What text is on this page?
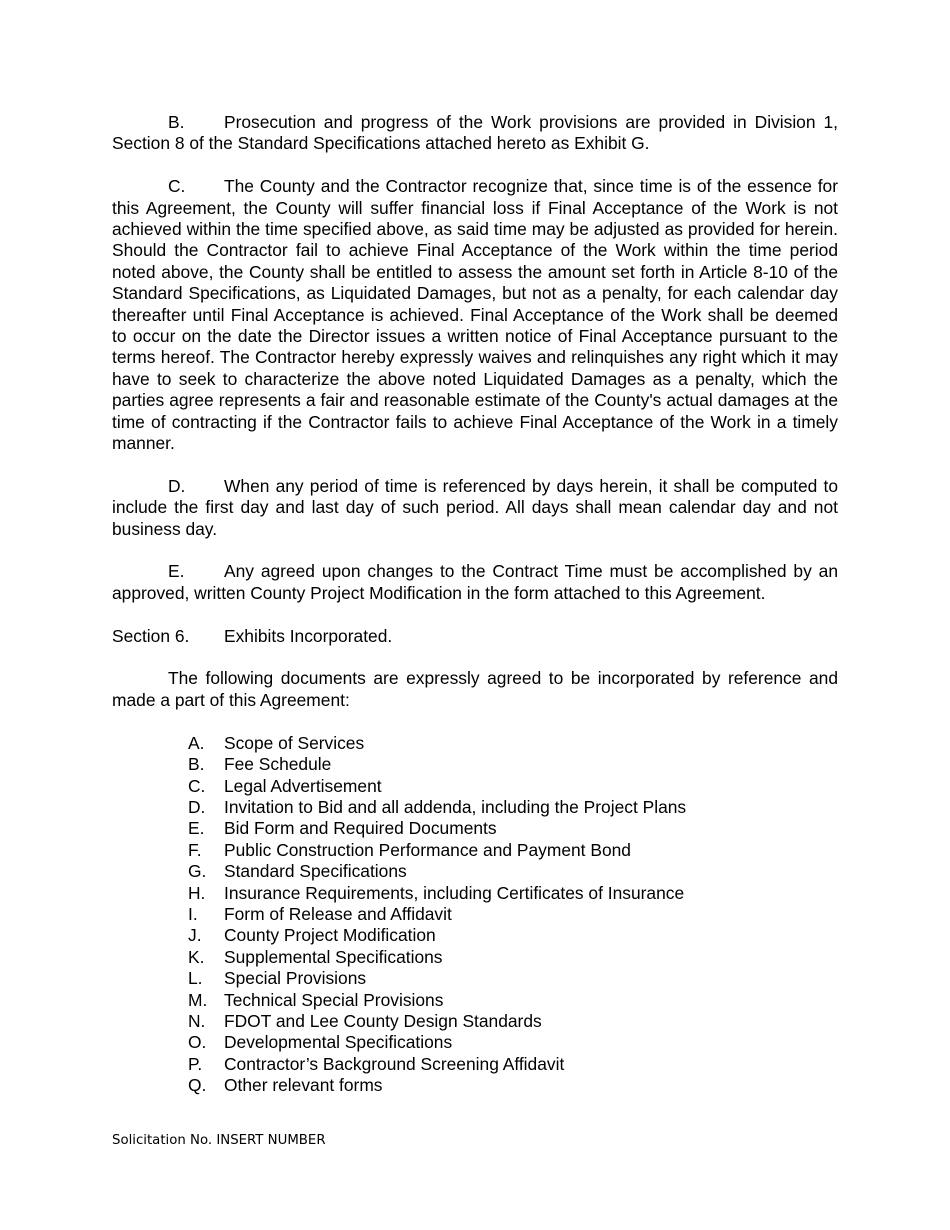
B. Prosecution and progress of the Work provisions are provided in Division 1, Section 8 of the Standard Specifications attached hereto as Exhibit G.

C. The County and the Contractor recognize that, since time is of the essence for this Agreement, the County will suffer financial loss if Final Acceptance of the Work is not achieved within the time specified above, as said time may be adjusted as provided for herein. Should the Contractor fail to achieve Final Acceptance of the Work within the time period noted above, the County shall be entitled to assess the amount set forth in Article 8-10 of the Standard Specifications, as Liquidated Damages, but not as a penalty, for each calendar day thereafter until Final Acceptance is achieved. Final Acceptance of the Work shall be deemed to occur on the date the Director issues a written notice of Final Acceptance pursuant to the terms hereof. The Contractor hereby expressly waives and relinquishes any right which it may have to seek to characterize the above noted Liquidated Damages as a penalty, which the parties agree represents a fair and reasonable estimate of the County's actual damages at the time of contracting if the Contractor fails to achieve Final Acceptance of the Work in a timely manner.

D. When any period of time is referenced by days herein, it shall be computed to include the first day and last day of such period. All days shall mean calendar day and not business day.

E. Any agreed upon changes to the Contract Time must be accomplished by an approved, written County Project Modification in the form attached to this Agreement.

Section 6. Exhibits Incorporated.

The following documents are expressly agreed to be incorporated by reference and made a part of this Agreement:

A.	Scope of Services
B.	Fee Schedule
C.	Legal Advertisement
D.	Invitation to Bid and all addenda, including the Project Plans
E.	Bid Form and Required Documents
F.	Public Construction Performance and Payment Bond
G.	Standard Specifications
H.	Insurance Requirements, including Certificates of Insurance
I.	Form of Release and Affidavit
J.	County Project Modification
K.	Supplemental Specifications
L.	Special Provisions
M. Technical Special Provisions
N.	FDOT and Lee County Design Standards
O.	Developmental Specifications
P.	Contractor’s Background Screening Affidavit
Q.	Other relevant forms
Solicitation No. INSERT NUMBER
